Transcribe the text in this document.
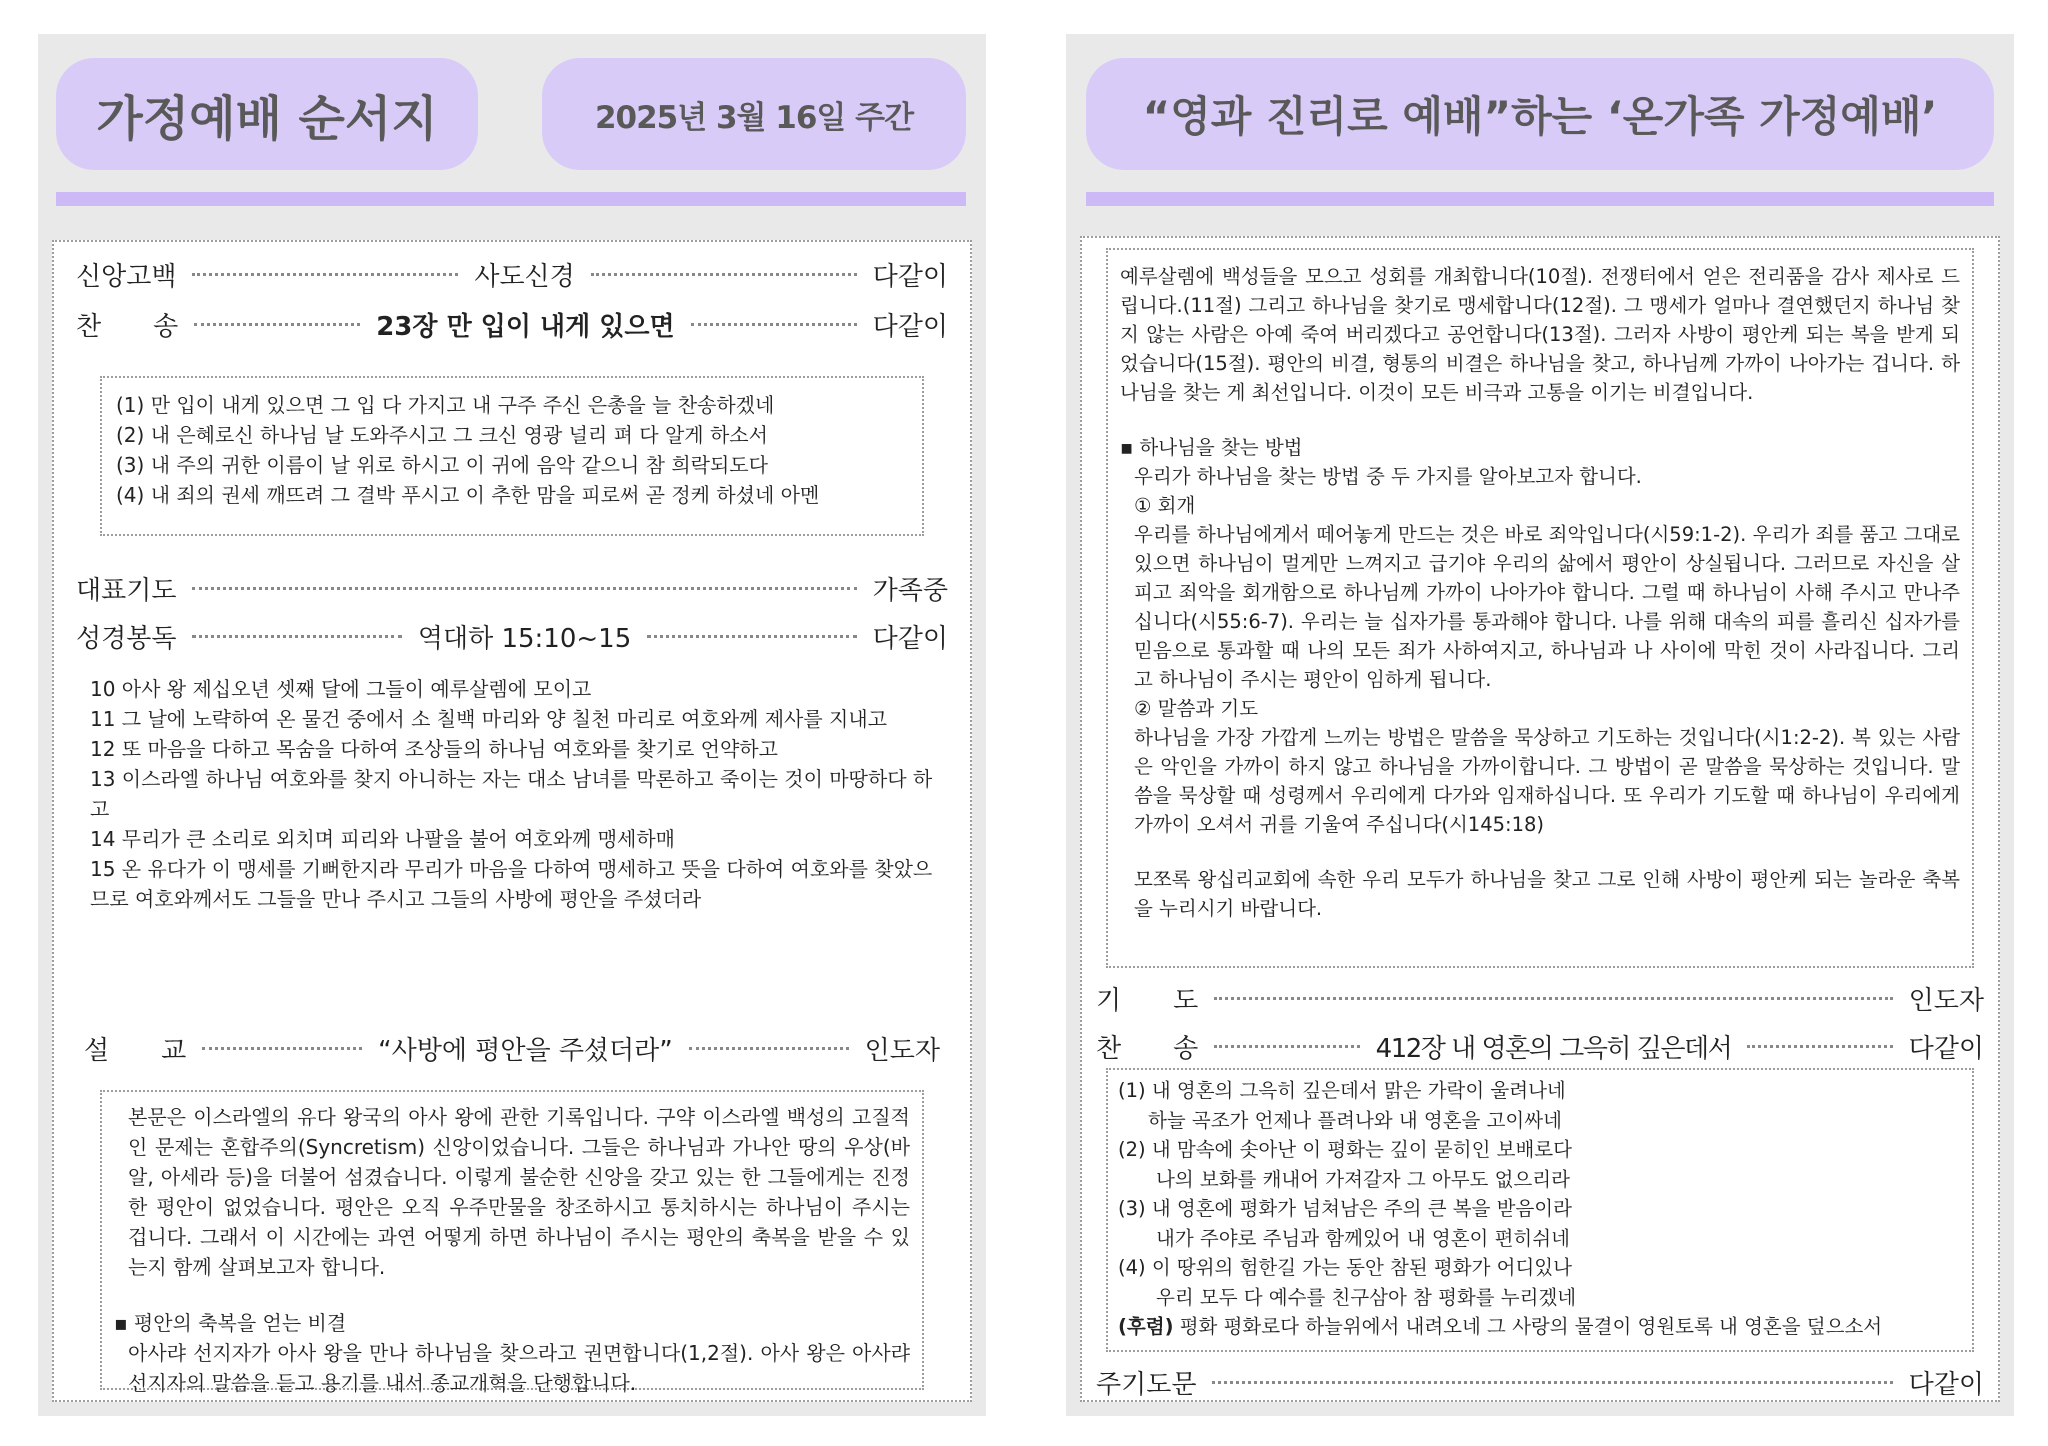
가정예배 순서지	2025년 3월 16일 주간
신앙고백	사도신경	다같이
찬　　송	23장 만 입이 내게 있으면	다같이

(1) 만 입이 내게 있으면 그 입 다 가지고 내 구주 주신 은총을 늘 찬송하겠네

(2) 내 은혜로신 하나님 날 도와주시고 그 크신 영광 널리 펴 다 알게 하소서

(3) 내 주의 귀한 이름이 날 위로 하시고 이 귀에 음악 같으니 참 희락되도다

(4) 내 죄의 권세 깨뜨려 그 결박 푸시고 이 추한 맘을 피로써 곧 정케 하셨네 아멘

대표기도	가족중
성경봉독	역대하 15:10~15	다같이

10 아사 왕 제십오년 셋째 달에 그들이 예루살렘에 모이고

11 그 날에 노략하여 온 물건 중에서 소 칠백 마리와 양 칠천 마리로 여호와께 제사를 지내고

12 또 마음을 다하고 목숨을 다하여 조상들의 하나님 여호와를 찾기로 언약하고

13 이스라엘 하나님 여호와를 찾지 아니하는 자는 대소 남녀를 막론하고 죽이는 것이 마땅하다 하고

14 무리가 큰 소리로 외치며 피리와 나팔을 불어 여호와께 맹세하매

15 온 유다가 이 맹세를 기뻐한지라 무리가 마음을 다하여 맹세하고 뜻을 다하여 여호와를 찾았으므로 여호와께서도 그들을 만나 주시고 그들의 사방에 평안을 주셨더라

설　　교	“사방에 평안을 주셨더라”	인도자

본문은 이스라엘의 유다 왕국의 아사 왕에 관한 기록입니다. 구약 이스라엘 백성의 고질적인 문제는 혼합주의(Syncretism) 신앙이었습니다. 그들은 하나님과 가나안 땅의 우상(바알, 아세라 등)을 더불어 섬겼습니다. 이렇게 불순한 신앙을 갖고 있는 한 그들에게는 진정한 평안이 없었습니다. 평안은 오직 우주만물을 창조하시고 통치하시는 하나님이 주시는 겁니다. 그래서 이 시간에는 과연 어떻게 하면 하나님이 주시는 평안의 축복을 받을 수 있는지 함께 살펴보고자 합니다.

▪ 평안의 축복을 얻는 비결

아사랴 선지자가 아사 왕을 만나 하나님을 찾으라고 권면합니다(1,2절). 아사 왕은 아사랴 선지자의 말씀을 듣고 용기를 내서 종교개혁을 단행합니다.

“영과 진리로 예배”하는 ‘온가족 가정예배’

예루살렘에 백성들을 모으고 성회를 개최합니다(10절). 전쟁터에서 얻은 전리품을 감사 제사로 드립니다.(11절) 그리고 하나님을 찾기로 맹세합니다(12절). 그 맹세가 얼마나 결연했던지 하나님 찾지 않는 사람은 아예 죽여 버리겠다고 공언합니다(13절). 그러자 사방이 평안케 되는 복을 받게 되었습니다(15절). 평안의 비결, 형통의 비결은 하나님을 찾고, 하나님께 가까이 나아가는 겁니다. 하나님을 찾는 게 최선입니다. 이것이 모든 비극과 고통을 이기는 비결입니다.

▪ 하나님을 찾는 방법

우리가 하나님을 찾는 방법 중 두 가지를 알아보고자 합니다.

① 회개

우리를 하나님에게서 떼어놓게 만드는 것은 바로 죄악입니다(시59:1-2). 우리가 죄를 품고 그대로 있으면 하나님이 멀게만 느껴지고 급기야 우리의 삶에서 평안이 상실됩니다. 그러므로 자신을 살피고 죄악을 회개함으로 하나님께 가까이 나아가야 합니다. 그럴 때 하나님이 사해 주시고 만나주십니다(시55:6-7). 우리는 늘 십자가를 통과해야 합니다. 나를 위해 대속의 피를 흘리신 십자가를 믿음으로 통과할 때 나의 모든 죄가 사하여지고, 하나님과 나 사이에 막힌 것이 사라집니다. 그리고 하나님이 주시는 평안이 임하게 됩니다.

② 말씀과 기도

하나님을 가장 가깝게 느끼는 방법은 말씀을 묵상하고 기도하는 것입니다(시1:2-2). 복 있는 사람은 악인을 가까이 하지 않고 하나님을 가까이합니다. 그 방법이 곧 말씀을 묵상하는 것입니다. 말씀을 묵상할 때 성령께서 우리에게 다가와 임재하십니다. 또 우리가 기도할 때 하나님이 우리에게 가까이 오셔서 귀를 기울여 주십니다(시145:18)

모쪼록 왕십리교회에 속한 우리 모두가 하나님을 찾고 그로 인해 사방이 평안케 되는 놀라운 축복을 누리시기 바랍니다.

기　　도	인도자
찬　　송	412장 내 영혼의 그윽히 깊은데서	다같이

(1) 내 영혼의 그윽히 깊은데서 맑은 가락이 울려나네

하늘 곡조가 언제나 플려나와 내 영혼을 고이싸네

(2) 내 맘속에 솟아난 이 평화는 깊이 묻히인 보배로다

나의 보화를 캐내어 가져갈자 그 아무도 없으리라

(3) 내 영혼에 평화가 넘쳐남은 주의 큰 복을 받음이라

내가 주야로 주님과 함께있어 내 영혼이 편히쉬네

(4) 이 땅위의 험한길 가는 동안 참된 평화가 어디있나

우리 모두 다 예수를 친구삼아 참 평화를 누리겠네

(후렴) 평화 평화로다 하늘위에서 내려오네 그 사랑의 물결이 영원토록 내 영혼을 덮으소서

주기도문	다같이
